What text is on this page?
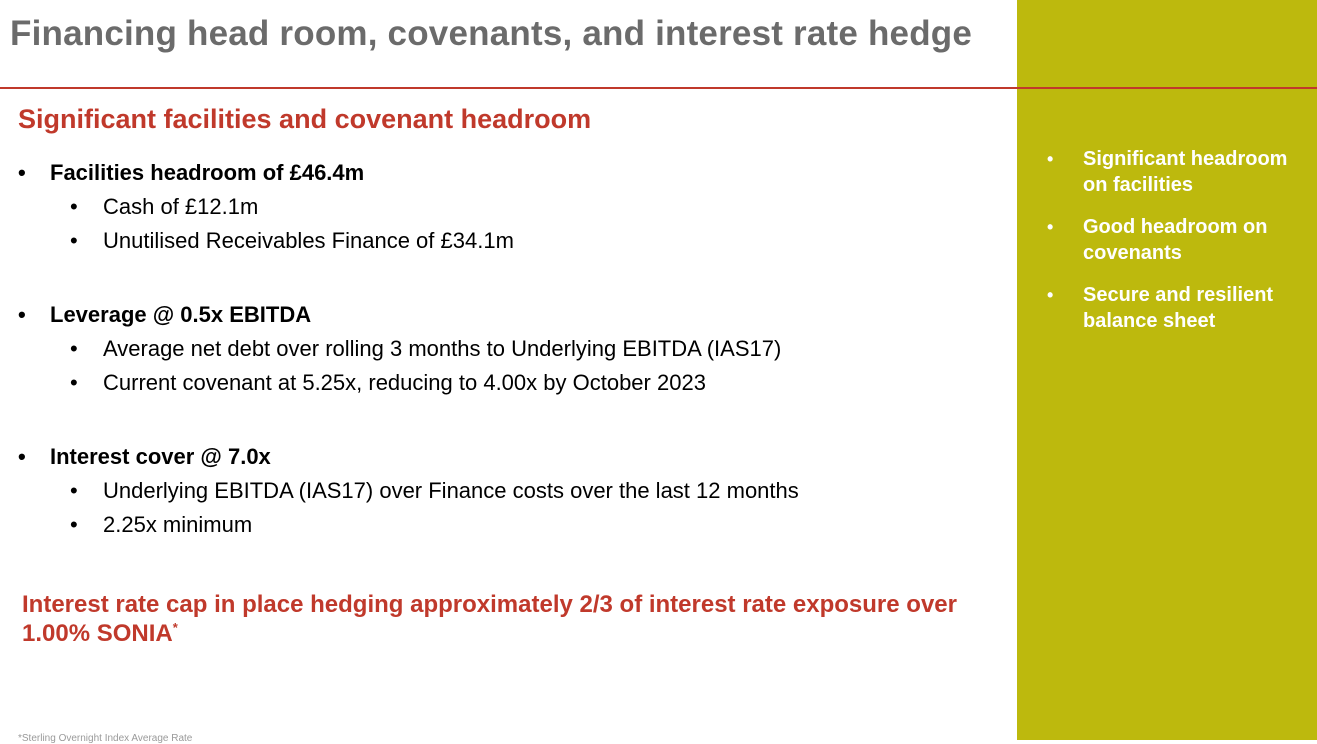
Financing head room, covenants, and interest rate hedge
Significant facilities and covenant headroom
•	Facilities headroom of £46.4m
•	Cash of £12.1m
•	Unutilised Receivables Finance of £34.1m
•	Leverage @ 0.5x EBITDA
•	Average net debt over rolling 3 months to Underlying EBITDA (IAS17)
•	Current covenant at 5.25x, reducing to 4.00x by October 2023
•	Interest cover @ 7.0x
•	Underlying EBITDA (IAS17) over Finance costs over the last 12 months
•	2.25x minimum

Interest rate cap in place hedging approximately 2/3 of interest rate exposure over 1.00% SONIA*

•	Significant headroom on facilities
•	Good headroom on covenants
•	Secure and resilient balance sheet
*Sterling Overnight Index Average Rate
